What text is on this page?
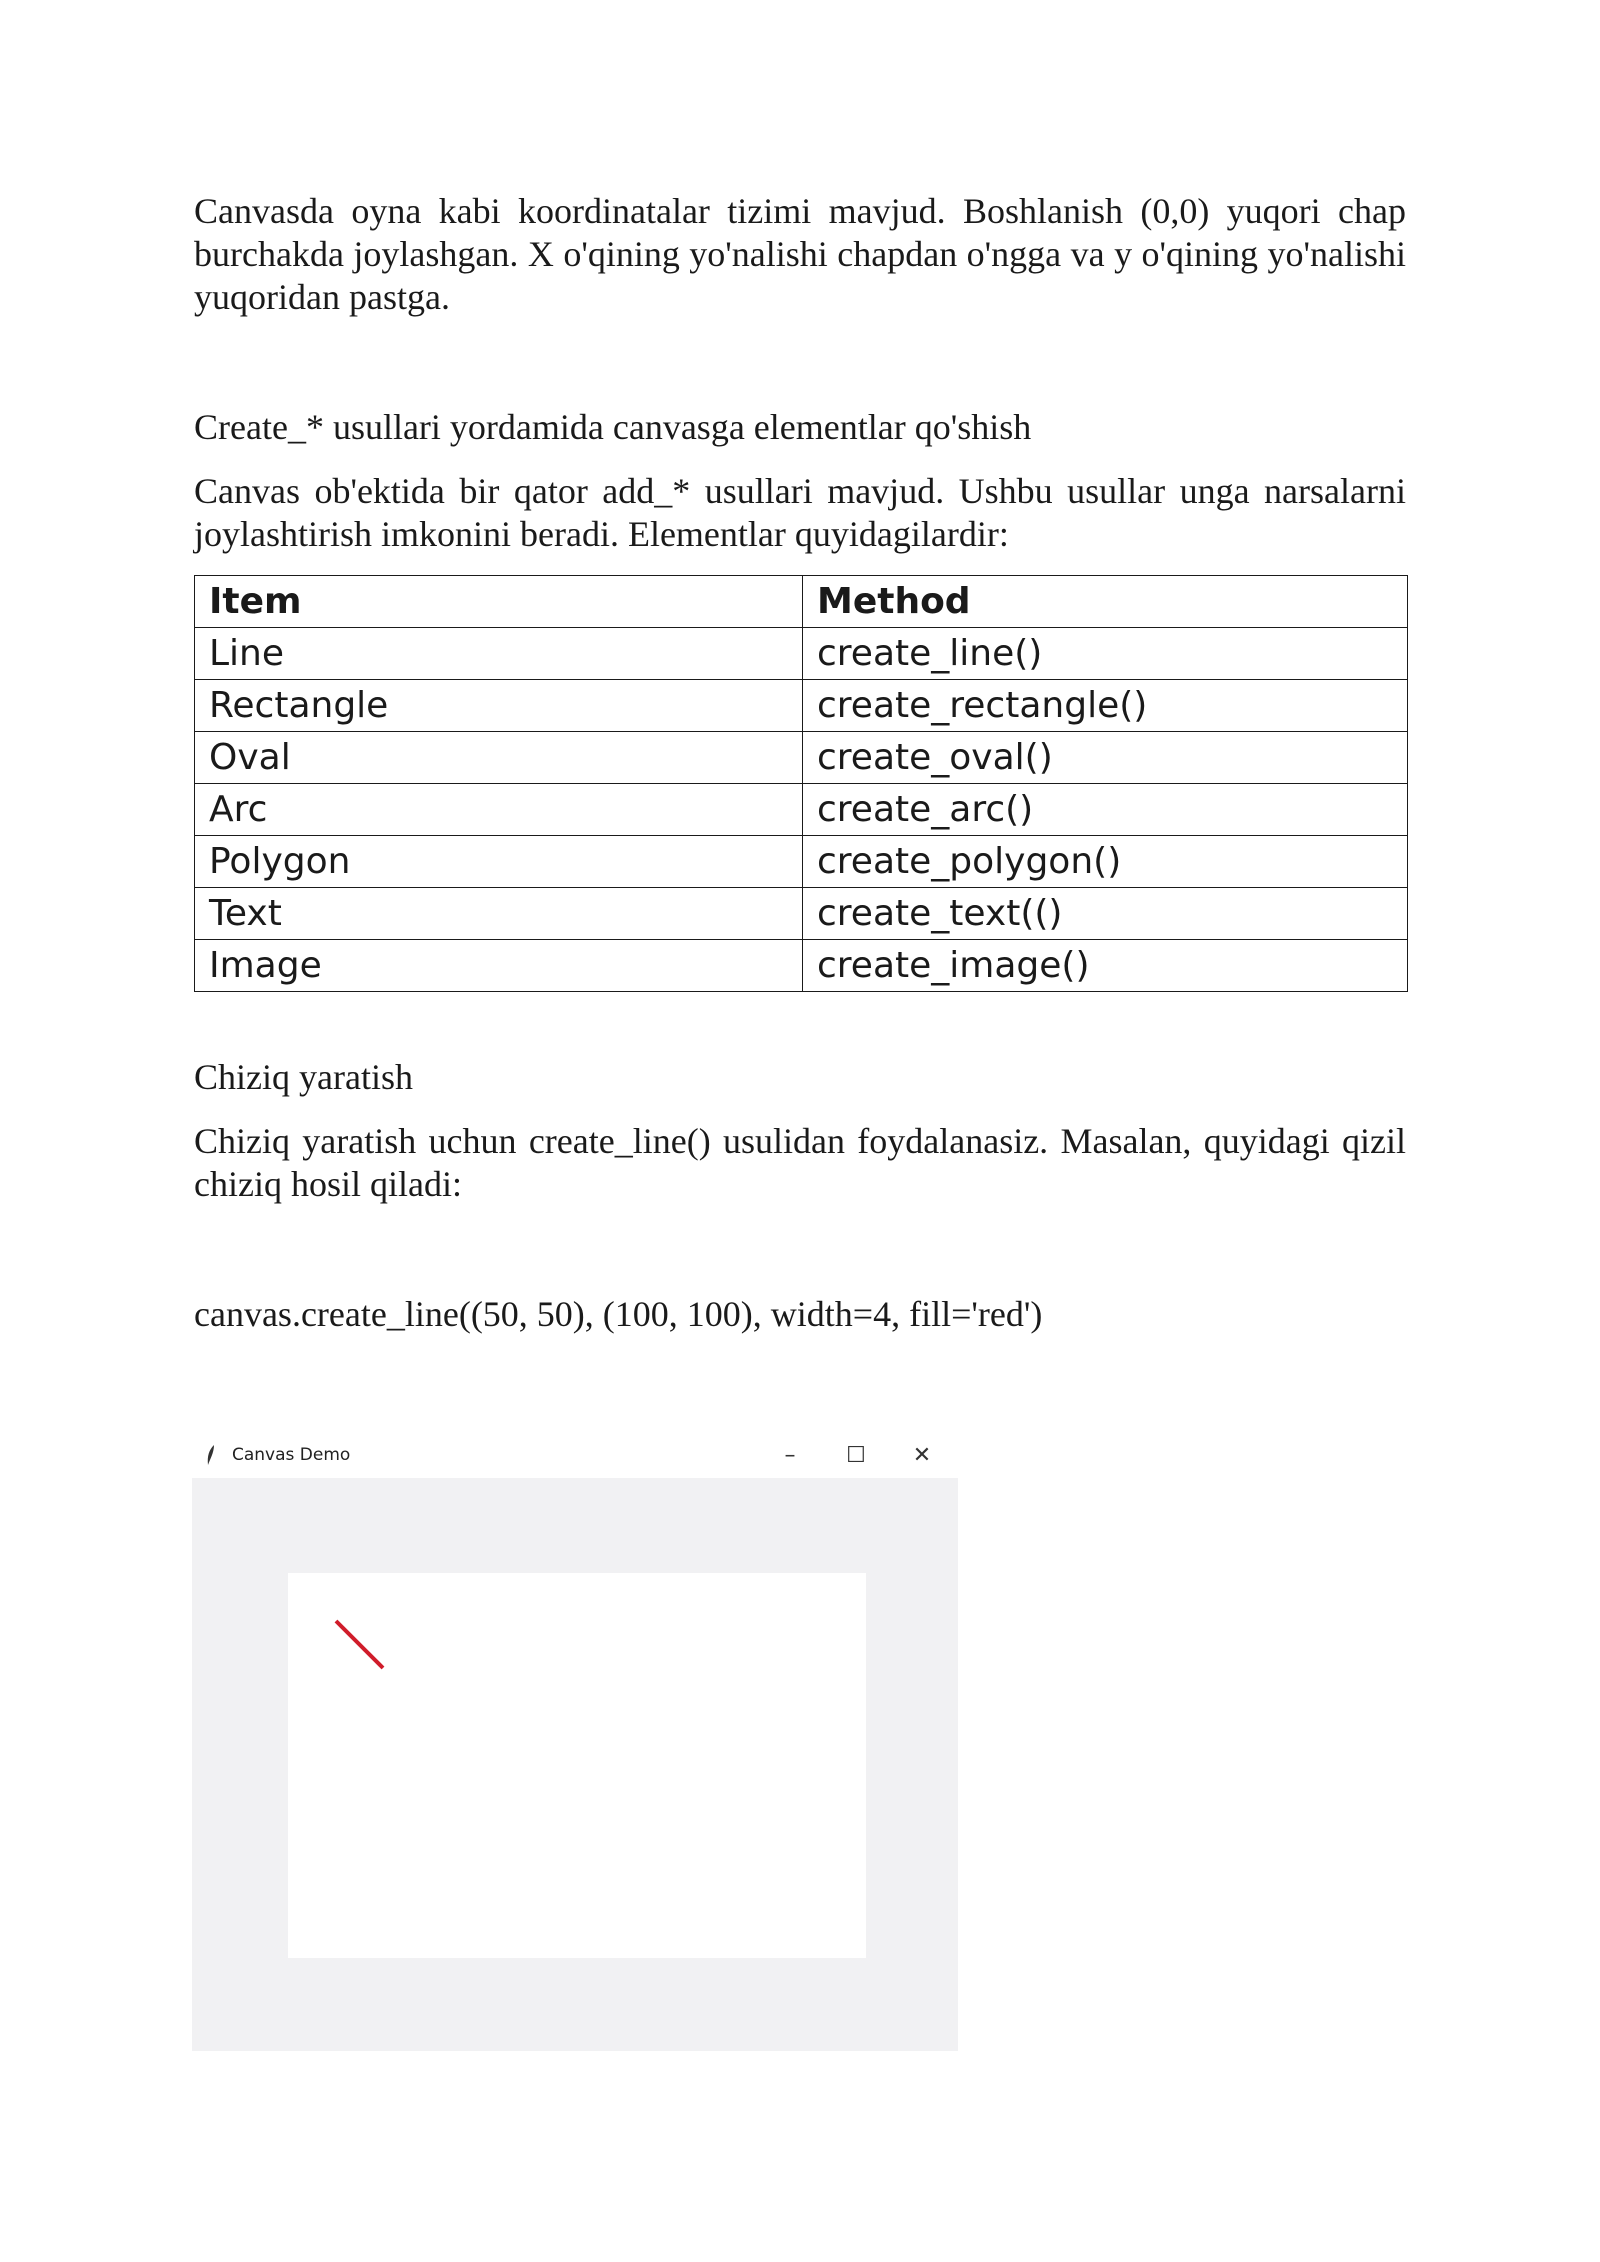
Canvasda oyna kabi koordinatalar tizimi mavjud. Boshlanish (0,0) yuqori chap burchakda joylashgan. X o'qining yo'nalishi chapdan o'ngga va y o'qining yo'nalishi yuqoridan pastga.

Create_* usullari yordamida canvasga elementlar qo'shish

Canvas ob'ektida bir qator add_* usullari mavjud. Ushbu usullar unga narsalarni joylashtirish imkonini beradi. Elementlar quyidagilardir:

Item	Method
Line	create_line()
Rectangle	create_rectangle()
Oval	create_oval()
Arc	create_arc()
Polygon	create_polygon()
Text	create_text(()
Image	create_image()

Chiziq yaratish

Chiziq yaratish uchun create_line() usulidan foydalanasiz. Masalan, quyidagi qizil chiziq hosil qiladi:

canvas.create_line((50, 50), (100, 100), width=4, fill='red')

Canvas Demo	–	☐	✕
